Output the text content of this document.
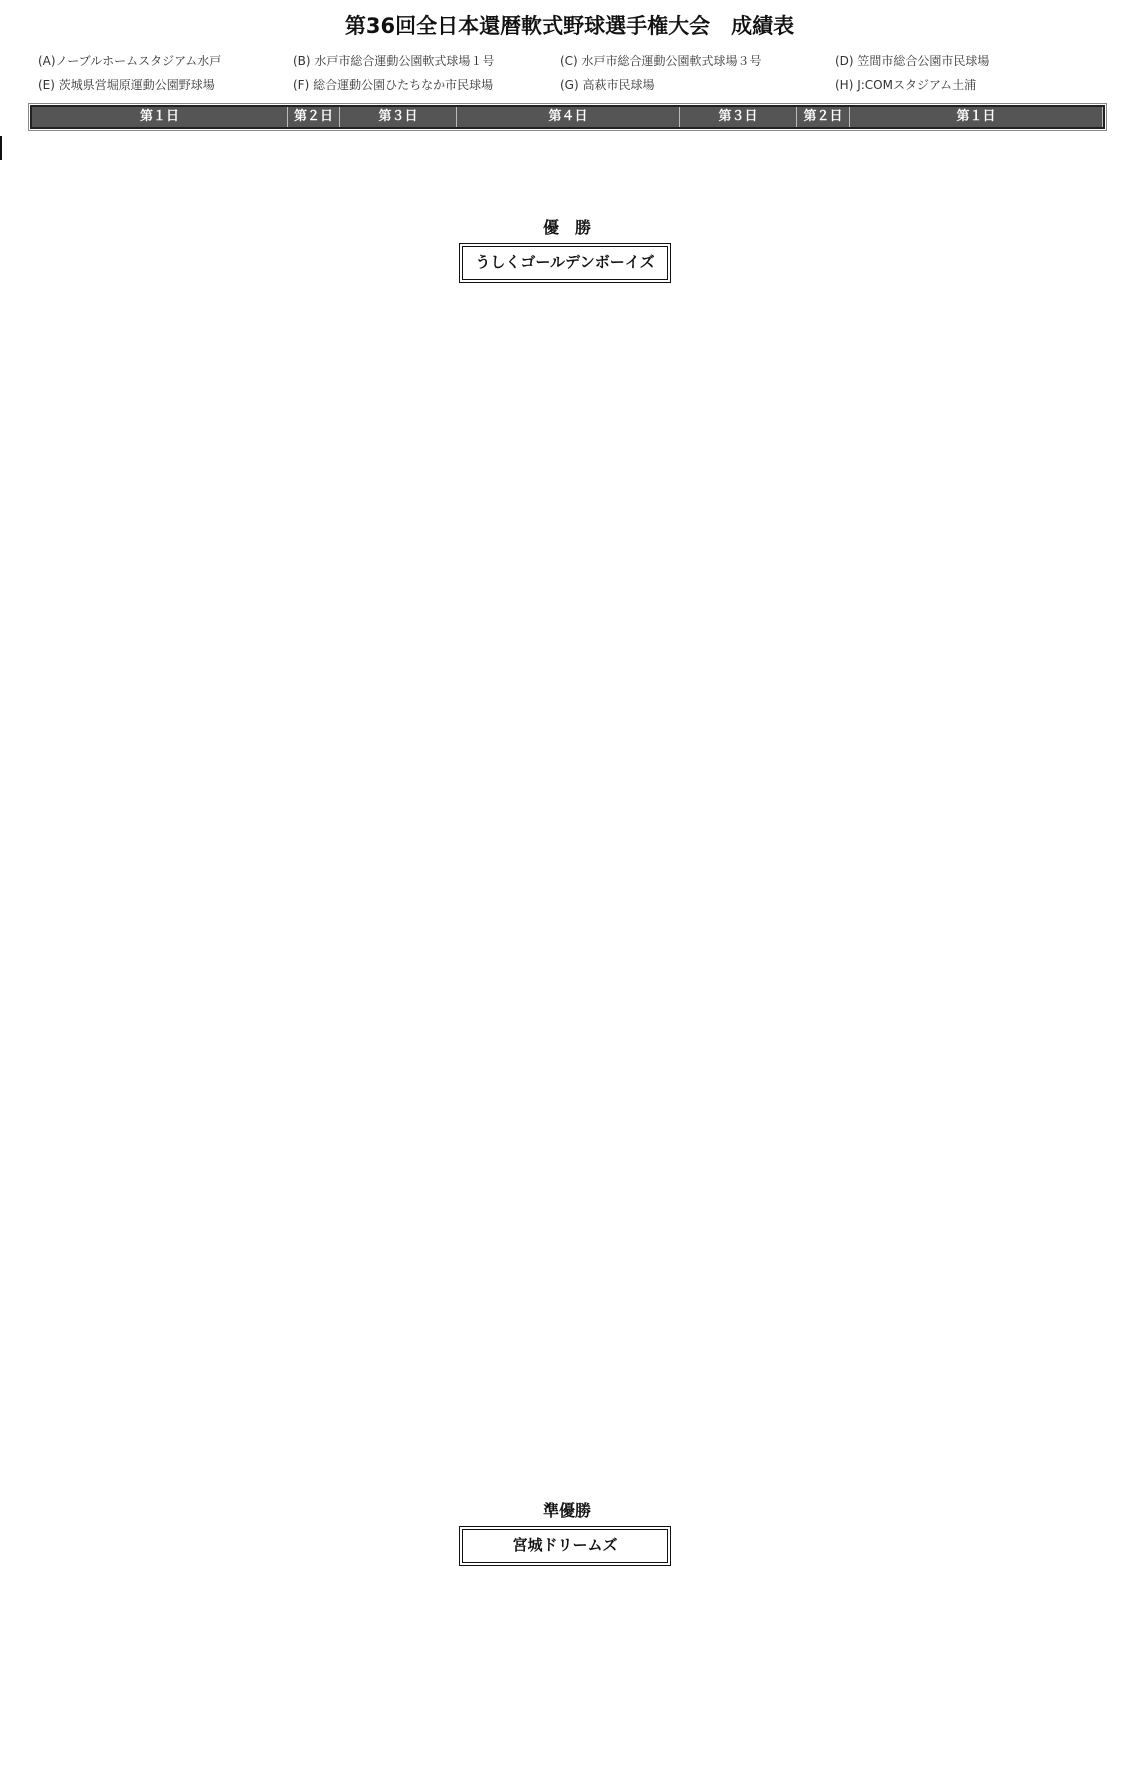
第36回全日本還暦軟式野球選手権大会　成績表
(A)ノーブルホームスタジアム水戸	(B) 水戸市総合運動公園軟式球場１号	(C) 水戸市総合運動公園軟式球場３号	(D) 笠間市総合公園市民球場
(E) 茨城県営堀原運動公園野球場	(F) 総合運動公園ひたちなか市民球場	(G) 高萩市民球場	(H) J:COMスタジアム土浦
第１日	第２日	第３日	第４日	第３日	第２日	第１日
優　勝
うしくゴールデンボーイズ
準優勝
宮城ドリームズ
